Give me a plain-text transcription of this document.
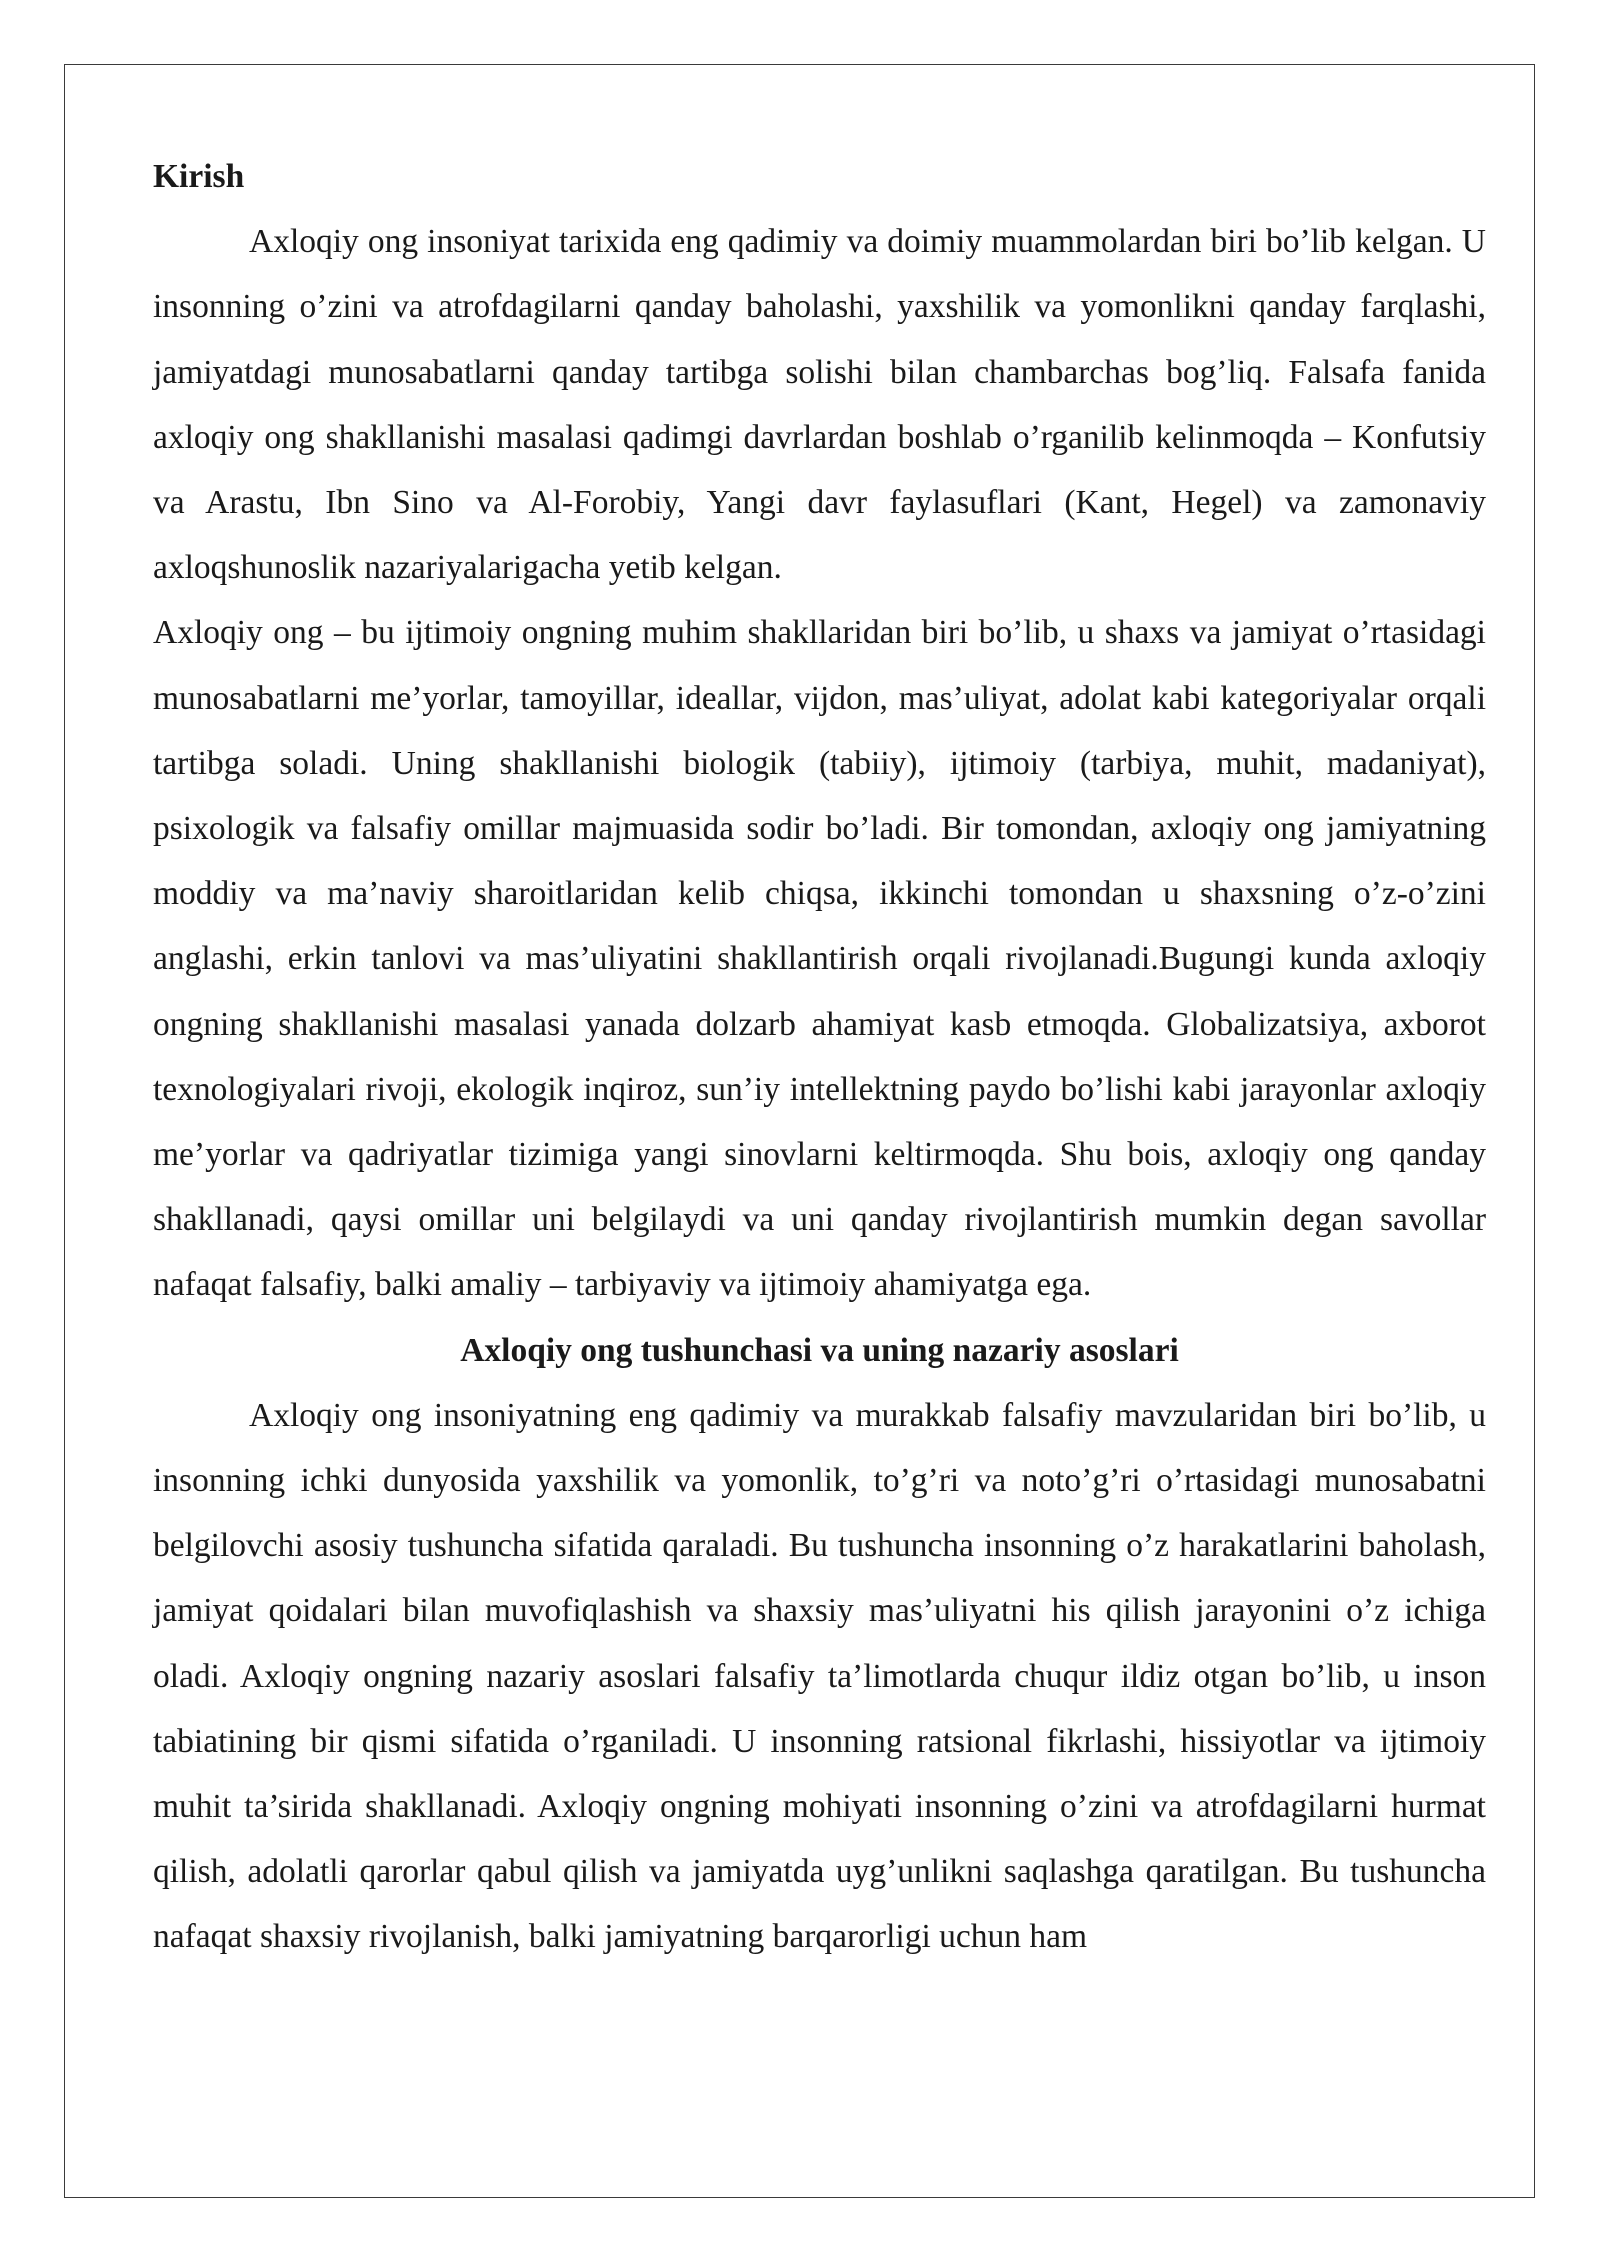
Kirish

Axloqiy ong insoniyat tarixida eng qadimiy va doimiy muammolardan biri bo’lib kelgan. U insonning o’zini va atrofdagilarni qanday baholashi, yaxshilik va yomonlikni qanday farqlashi, jamiyatdagi munosabatlarni qanday tartibga solishi bilan chambarchas bog’liq. Falsafa fanida axloqiy ong shakllanishi masalasi qadimgi davrlardan boshlab o’rganilib kelinmoqda – Konfutsiy va Arastu, Ibn Sino va Al-Forobiy, Yangi davr faylasuflari (Kant, Hegel) va zamonaviy axloqshunoslik nazariyalarigacha yetib kelgan.

Axloqiy ong – bu ijtimoiy ongning muhim shakllaridan biri bo’lib, u shaxs va jamiyat o’rtasidagi munosabatlarni me’yorlar, tamoyillar, ideallar, vijdon, mas’uliyat, adolat kabi kategoriyalar orqali tartibga soladi. Uning shakllanishi biologik (tabiiy), ijtimoiy (tarbiya, muhit, madaniyat), psixologik va falsafiy omillar majmuasida sodir bo’ladi. Bir tomondan, axloqiy ong jamiyatning moddiy va ma’naviy sharoitlaridan kelib chiqsa, ikkinchi tomondan u shaxsning o’z-o’zini anglashi, erkin tanlovi va mas’uliyatini shakllantirish orqali rivojlanadi.Bugungi kunda axloqiy ongning shakllanishi masalasi yanada dolzarb ahamiyat kasb etmoqda. Globalizatsiya, axborot texnologiyalari rivoji, ekologik inqiroz, sun’iy intellektning paydo bo’lishi kabi jarayonlar axloqiy me’yorlar va qadriyatlar tizimiga yangi sinovlarni keltirmoqda. Shu bois, axloqiy ong qanday shakllanadi, qaysi omillar uni belgilaydi va uni qanday rivojlantirish mumkin degan savollar nafaqat falsafiy, balki amaliy – tarbiyaviy va ijtimoiy ahamiyatga ega.

Axloqiy ong tushunchasi va uning nazariy asoslari

Axloqiy ong insoniyatning eng qadimiy va murakkab falsafiy mavzularidan biri bo’lib, u insonning ichki dunyosida yaxshilik va yomonlik, to’g’ri va noto’g’ri o’rtasidagi munosabatni belgilovchi asosiy tushuncha sifatida qaraladi. Bu tushuncha insonning o’z harakatlarini baholash, jamiyat qoidalari bilan muvofiqlashish va shaxsiy mas’uliyatni his qilish jarayonini o’z ichiga oladi. Axloqiy ongning nazariy asoslari falsafiy ta’limotlarda chuqur ildiz otgan bo’lib, u inson tabiatining bir qismi sifatida o’rganiladi. U insonning ratsional fikrlashi, hissiyotlar va ijtimoiy muhit ta’sirida shakllanadi. Axloqiy ongning mohiyati insonning o’zini va atrofdagilarni hurmat qilish, adolatli qarorlar qabul qilish va jamiyatda uyg’unlikni saqlashga qaratilgan. Bu tushuncha nafaqat shaxsiy rivojlanish, balki jamiyatning barqarorligi uchun ham
